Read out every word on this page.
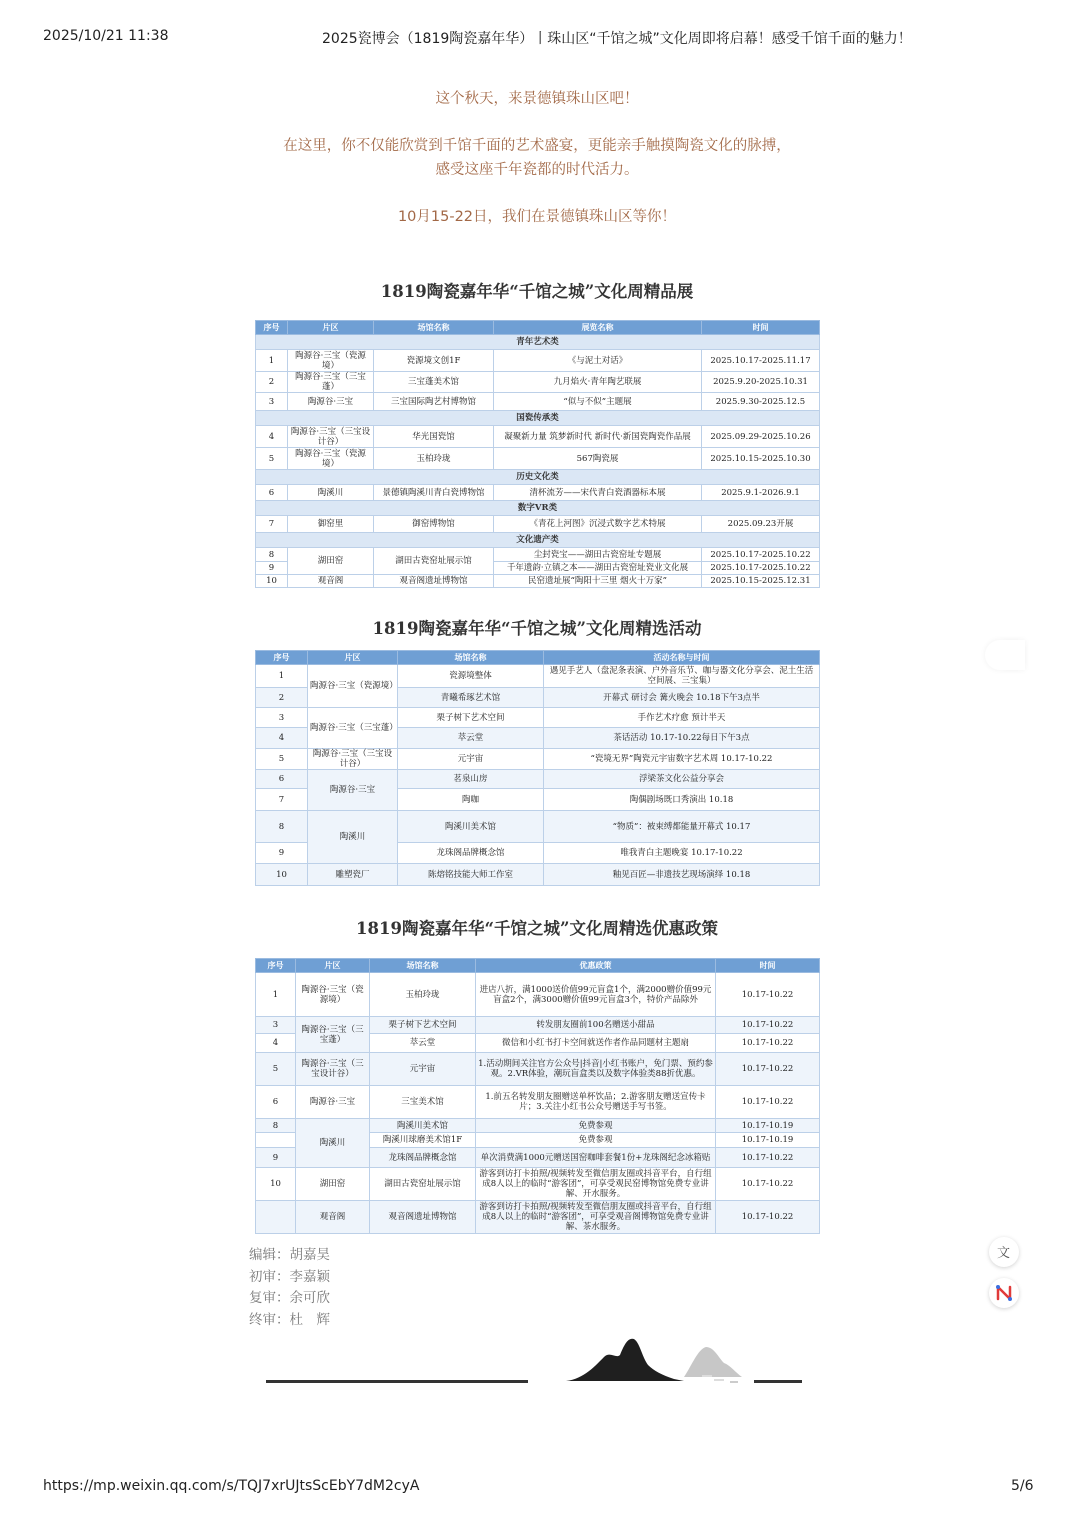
2025/10/21 11:38	2025瓷博会（1819陶瓷嘉年华）丨珠山区“千馆之城”文化周即将启幕！感受千馆千面的魅力！
这个秋天，来景德镇珠山区吧！
在这里，你不仅能欣赏到千馆千面的艺术盛宴，更能亲手触摸陶瓷文化的脉搏，
感受这座千年瓷都的时代活力。
10月15-22日，我们在景德镇珠山区等你！
1819陶瓷嘉年华“千馆之城”文化周精品展
序号	片区	场馆名称	展览名称	时间
青年艺术类				
1	陶源谷·三宝（瓷源境）	瓷源境文创1F	《与泥土对话》	2025.10.17-2025.11.17
2	陶源谷·三宝（三宝蓬）	三宝蓬美术馆	九月焰火·青年陶艺联展	2025.9.20-2025.10.31
3	陶源谷·三宝	三宝国际陶艺村博物馆	“似与不似”主题展	2025.9.30-2025.12.5
国瓷传承类				
4	陶源谷·三宝（三宝设计谷）	华光国瓷馆	凝聚新力量 筑梦新时代 新时代·新国瓷陶瓷作品展	2025.09.29-2025.10.26
5	陶源谷·三宝（瓷源境）	玉柏玲珑	567陶瓷展	2025.10.15-2025.10.30
历史文化类				
6	陶溪川	景德镇陶溪川青白瓷博物馆	清杯流芳——宋代青白瓷酒器标本展	2025.9.1-2026.9.1
数字VR类				
7	御窑里	御窑博物馆	《青花上河图》沉浸式数字艺术特展	2025.09.23开展
文化遗产类				
8	湖田窑	湖田古瓷窑址展示馆	尘封瓷宝——湖田古瓷窑址专题展	2025.10.17-2025.10.22
9			千年遗韵·立镇之本——湖田古瓷窑址瓷业文化展	2025.10.17-2025.10.22
10	观音阁	观音阁遗址博物馆	民窑遗址展“陶阳十三里 烟火十万家”	2025.10.15-2025.12.31
1819陶瓷嘉年华“千馆之城”文化周精选活动
序号	片区	场馆名称	活动名称与时间
1	陶源谷·三宝（瓷源境）	瓷源境整体	遇见手艺人（盘泥条表演、户外音乐节、咖与器文化分享会、泥土生活空间展、三宝集）
2		青曦希琢艺术馆	开幕式 研讨会 篝火晚会 10.18下午3点半
3	陶源谷·三宝（三宝蓬）	栗子树下艺术空间	手作艺术疗愈 预计半天
4		萃云堂	茶话活动 10.17-10.22每日下午3点
5	陶源谷·三宝（三宝设计谷）	元宇宙	“瓷境无界”陶瓷元宇宙数字艺术周 10.17-10.22
6	陶源谷·三宝	茗泉山房	浮梁茶文化公益分享会
7		陶咖	陶偶剧场既口秀演出 10.18
8	陶溪川	陶溪川美术馆	“物质”：被束缚都能量开幕式 10.17
9		龙珠阁品牌概念馆	唯我青白主题晚宴 10.17-10.22
10	雕塑瓷厂	陈熔铭技能大师工作室	釉见百匠—非遗技艺现场演绎 10.18
1819陶瓷嘉年华“千馆之城”文化周精选优惠政策
序号	片区	场馆名称	优惠政策	时间
1	陶源谷·三宝（瓷源境）	玉柏玲珑	进店八折，满1000送价值99元盲盒1个，满2000赠价值99元盲盒2个，满3000赠价值99元盲盒3个，特价产品除外	10.17-10.22
3	陶源谷·三宝（三宝蓬）	栗子树下艺术空间	转发朋友圈前100名赠送小甜品	10.17-10.22
4		萃云堂	微信和小红书打卡空间就送作者作品同题材主题扇	10.17-10.22
5	陶源谷·三宝（三宝设计谷）	元宇宙	1.活动期间关注官方公众号|抖音|小红书账户，免门票、预约参观。2.VR体验，潮玩盲盒类以及数字体验类88折优惠。	10.17-10.22
6	陶源谷·三宝	三宝美术馆	1.前五名转发朋友圈赠送单杯饮品；2.游客朋友赠送宣传卡片；3.关注小红书公众号赠送手写书签。	10.17-10.22
8	陶溪川	陶溪川美术馆	免费参观	10.17-10.19
		陶溪川球磨美术馆1F	免费参观	10.17-10.19
9		龙珠阁品牌概念馆	单次消费满1000元赠送国窑咖啡套餐1份+龙珠阁纪念冰箱贴	10.17-10.22
10	湖田窑	湖田古瓷窑址展示馆	游客到访打卡拍照/视频转发至微信朋友圈或抖音平台，自行组成8人以上的临时“游客团”，可享受观民窑博物馆免费专业讲解、开水服务。	10.17-10.22
	观音阁	观音阁遗址博物馆	游客到访打卡拍照/视频转发至微信朋友圈或抖音平台，自行组成8人以上的临时“游客团”，可享受观音阁博物馆免费专业讲解、茶水服务。	10.17-10.22
编辑：胡嘉昊
初审：李嘉颖
复审：余可欣
终审：杜　辉
文
https://mp.weixin.qq.com/s/TQJ7xrUJtsScEbY7dM2cyA	5/6
